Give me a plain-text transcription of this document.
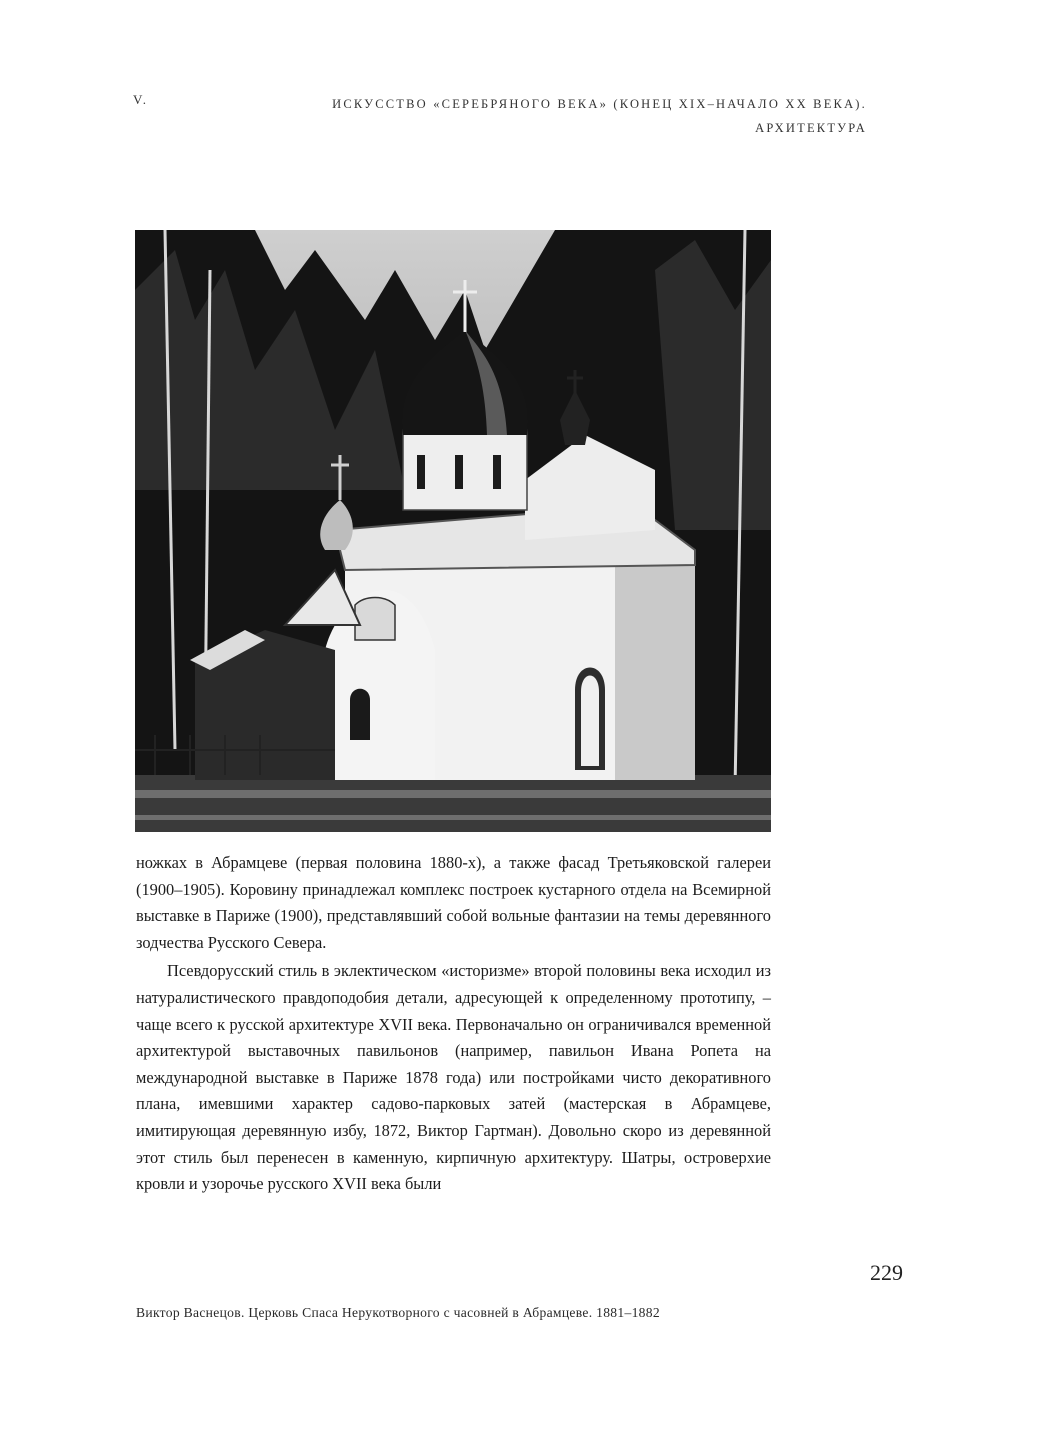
V.	ИСКУССТВО «СЕРЕБРЯНОГО ВЕКА» (КОНЕЦ XIX–НАЧАЛО XX ВЕКА).
АРХИТЕКТУРА

ножках в Абрамцеве (первая половина 1880-х), а также фасад Третьяковской галереи (1900–1905). Коровину принадлежал комплекс построек кустарного отдела на Всемирной выставке в Париже (1900), представлявший собой вольные фантазии на темы деревянного зодчества Русского Севера.

Псевдорусский стиль в эклектическом «историзме» второй половины века исходил из натуралистического правдоподобия детали, адресующей к определенному прототипу, – чаще всего к русской архитектуре XVII века. Первоначально он ограничивался временной архитектурой выставочных павильонов (например, павильон Ивана Ропета на международной выставке в Париже 1878 года) или постройками чисто декоративного плана, имевшими характер садово-парковых затей (мастерская в Абрамцеве, имитирующая деревянную избу, 1872, Виктор Гартман). Довольно скоро из деревянной этот стиль был перенесен в каменную, кирпичную архитектуру. Шатры, островерхие кровли и узорочье русского XVII века были

229
Виктор Васнецов. Церковь Спаса Нерукотворного с часовней в Абрамцеве. 1881–1882
